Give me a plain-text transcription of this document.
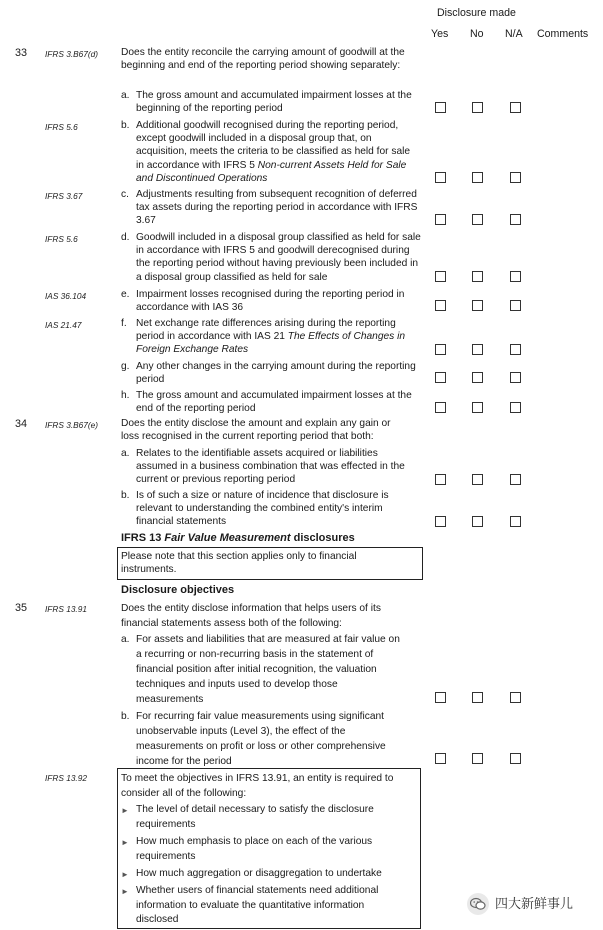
Disclosure made
Yes No N/A Comments
33 IFRS 3.B67(d) Does the entity reconcile the carrying amount of goodwill at the beginning and end of the reporting period showing separately:
a. The gross amount and accumulated impairment losses at the beginning of the reporting period
IFRS 5.6	b. Additional goodwill recognised during the reporting period, except goodwill included in a disposal group that, on acquisition, meets the criteria to be classified as held for sale in accordance with IFRS 5 Non-current Assets Held for Sale and Discontinued Operations
IFRS 3.67	c. Adjustments resulting from subsequent recognition of deferred tax assets during the reporting period in accordance with IFRS 3.67
IFRS 5.6	d. Goodwill included in a disposal group classified as held for sale in accordance with IFRS 5 and goodwill derecognised during the reporting period without having previously been included in a disposal group classified as held for sale
IAS 36.104	e. Impairment losses recognised during the reporting period in accordance with IAS 36
IAS 21.47	f. Net exchange rate differences arising during the reporting period in accordance with IAS 21 The Effects of Changes in Foreign Exchange Rates
g. Any other changes in the carrying amount during the reporting period
h. The gross amount and accumulated impairment losses at the end of the reporting period
34 IFRS 3.B67(e) Does the entity disclose the amount and explain any gain or loss recognised in the current reporting period that both:
a. Relates to the identifiable assets acquired or liabilities assumed in a business combination that was effected in the current or previous reporting period
b. Is of such a size or nature of incidence that disclosure is relevant to understanding the combined entity's interim financial statements
IFRS 13 Fair Value Measurement disclosures
Please note that this section applies only to financial instruments.
Disclosure objectives
35 IFRS 13.91	Does the entity disclose information that helps users of its financial statements assess both of the following:
a. For assets and liabilities that are measured at fair value on a recurring or non-recurring basis in the statement of financial position after initial recognition, the valuation techniques and inputs used to develop those measurements
b. For recurring fair value measurements using significant unobservable inputs (Level 3), the effect of the measurements on profit or loss or other comprehensive income for the period
IFRS 13.92	To meet the objectives in IFRS 13.91, an entity is required to consider all of the following:
► The level of detail necessary to satisfy the disclosure requirements
► How much emphasis to place on each of the various requirements
► How much aggregation or disaggregation to undertake
► Whether users of financial statements need additional information to evaluate the quantitative information disclosed
四大新鲜事儿
